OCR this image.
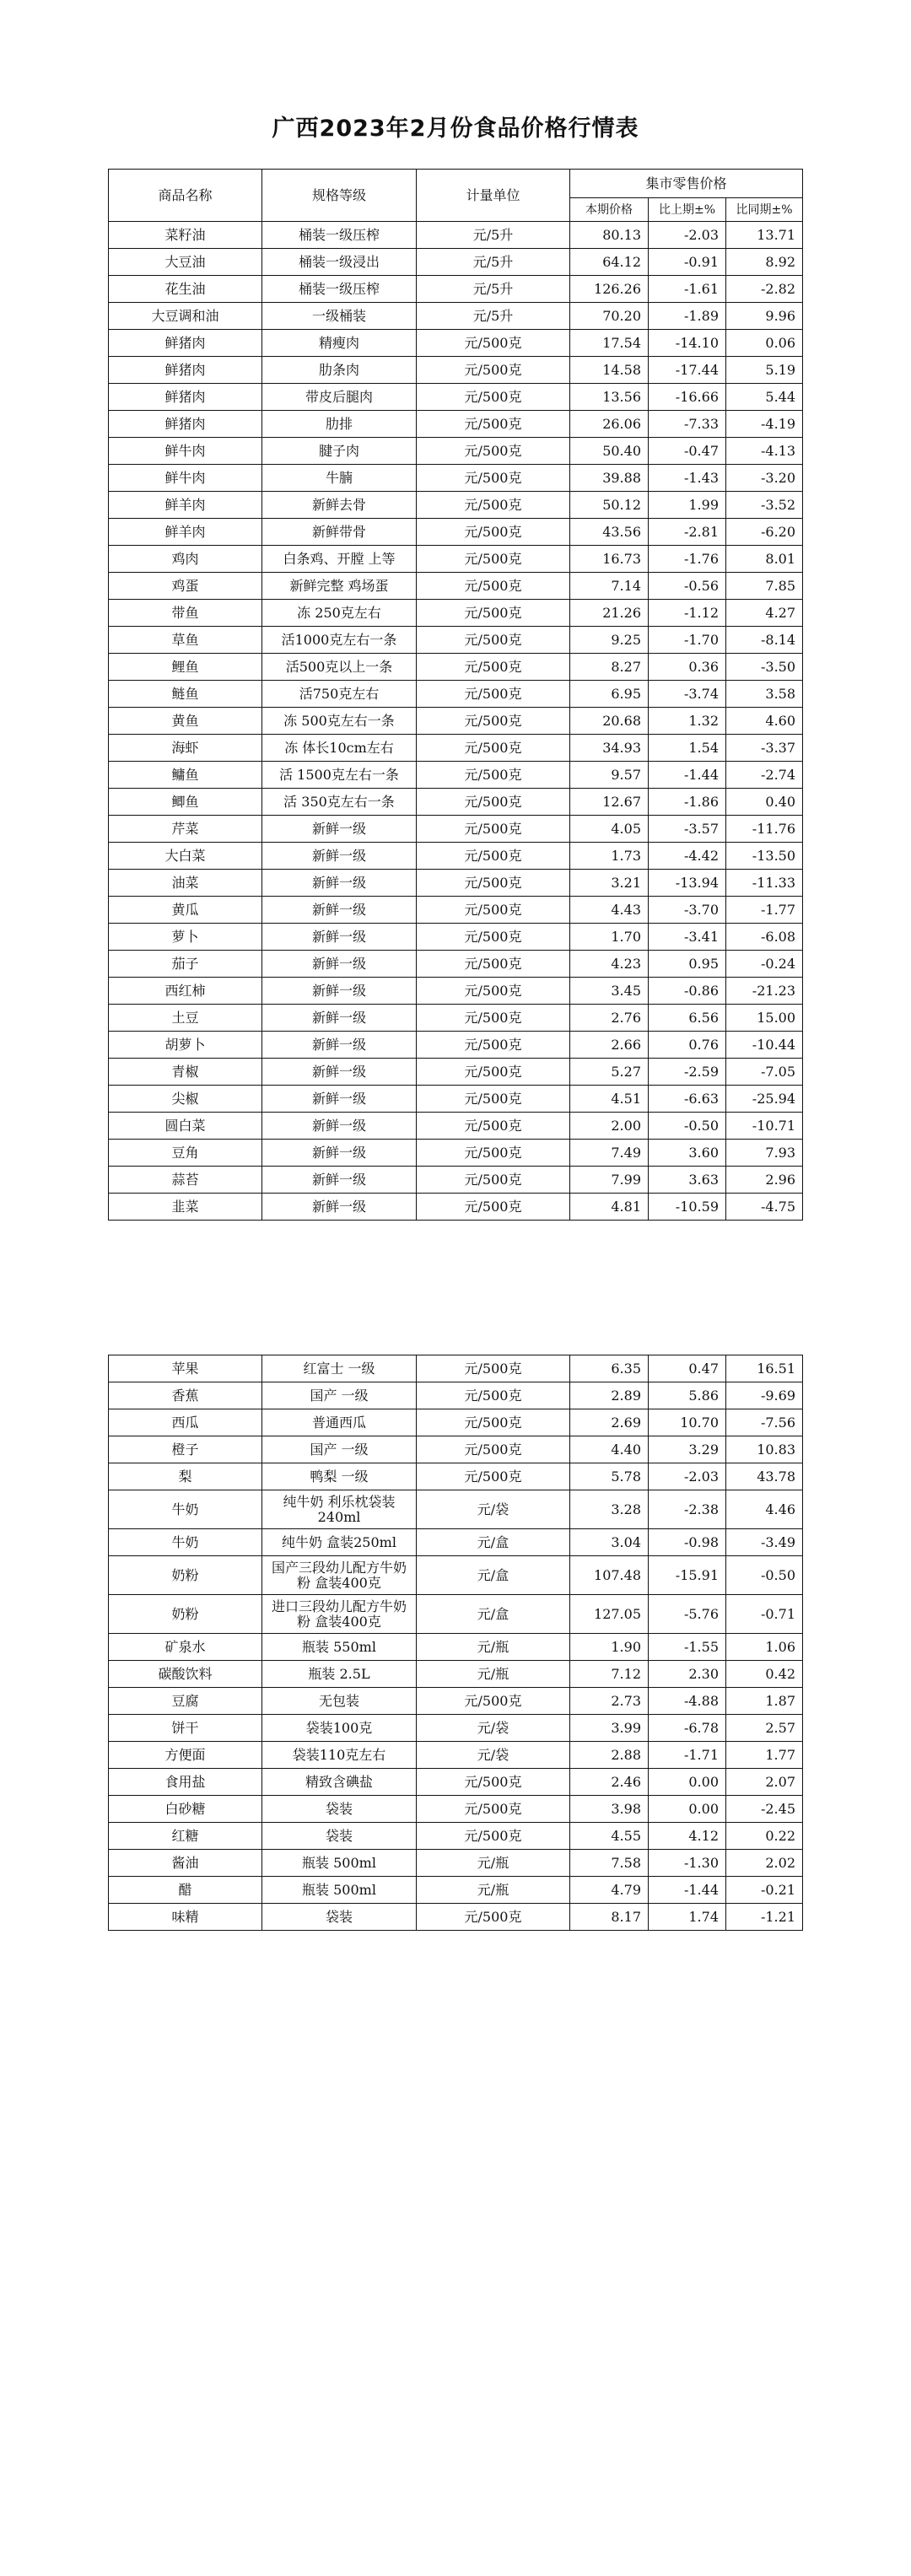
广西2023年2月份食品价格行情表
商品名称	规格等级	计量单位	集市零售价格		
			本期价格	比上期±%	比同期±%
菜籽油	桶装一级压榨	元/5升	80.13	-2.03	13.71
大豆油	桶装一级浸出	元/5升	64.12	-0.91	8.92
花生油	桶装一级压榨	元/5升	126.26	-1.61	-2.82
大豆调和油	一级桶装	元/5升	70.20	-1.89	9.96
鲜猪肉	精瘦肉	元/500克	17.54	-14.10	0.06
鲜猪肉	肋条肉	元/500克	14.58	-17.44	5.19
鲜猪肉	带皮后腿肉	元/500克	13.56	-16.66	5.44
鲜猪肉	肋排	元/500克	26.06	-7.33	-4.19
鲜牛肉	腱子肉	元/500克	50.40	-0.47	-4.13
鲜牛肉	牛腩	元/500克	39.88	-1.43	-3.20
鲜羊肉	新鲜去骨	元/500克	50.12	1.99	-3.52
鲜羊肉	新鲜带骨	元/500克	43.56	-2.81	-6.20
鸡肉	白条鸡、开膛 上等	元/500克	16.73	-1.76	8.01
鸡蛋	新鲜完整 鸡场蛋	元/500克	7.14	-0.56	7.85
带鱼	冻 250克左右	元/500克	21.26	-1.12	4.27
草鱼	活1000克左右一条	元/500克	9.25	-1.70	-8.14
鲤鱼	活500克以上一条	元/500克	8.27	0.36	-3.50
鲢鱼	活750克左右	元/500克	6.95	-3.74	3.58
黄鱼	冻 500克左右一条	元/500克	20.68	1.32	4.60
海虾	冻 体长10cm左右	元/500克	34.93	1.54	-3.37
鳙鱼	活 1500克左右一条	元/500克	9.57	-1.44	-2.74
鲫鱼	活 350克左右一条	元/500克	12.67	-1.86	0.40
芹菜	新鲜一级	元/500克	4.05	-3.57	-11.76
大白菜	新鲜一级	元/500克	1.73	-4.42	-13.50
油菜	新鲜一级	元/500克	3.21	-13.94	-11.33
黄瓜	新鲜一级	元/500克	4.43	-3.70	-1.77
萝卜	新鲜一级	元/500克	1.70	-3.41	-6.08
茄子	新鲜一级	元/500克	4.23	0.95	-0.24
西红柿	新鲜一级	元/500克	3.45	-0.86	-21.23
土豆	新鲜一级	元/500克	2.76	6.56	15.00
胡萝卜	新鲜一级	元/500克	2.66	0.76	-10.44
青椒	新鲜一级	元/500克	5.27	-2.59	-7.05
尖椒	新鲜一级	元/500克	4.51	-6.63	-25.94
圆白菜	新鲜一级	元/500克	2.00	-0.50	-10.71
豆角	新鲜一级	元/500克	7.49	3.60	7.93
蒜苔	新鲜一级	元/500克	7.99	3.63	2.96
韭菜	新鲜一级	元/500克	4.81	-10.59	-4.75
苹果	红富士 一级	元/500克	6.35	0.47	16.51
香蕉	国产 一级	元/500克	2.89	5.86	-9.69
西瓜	普通西瓜	元/500克	2.69	10.70	-7.56
橙子	国产 一级	元/500克	4.40	3.29	10.83
梨	鸭梨 一级	元/500克	5.78	-2.03	43.78
牛奶	纯牛奶 利乐枕袋装240ml	元/袋	3.28	-2.38	4.46
牛奶	纯牛奶 盒装250ml	元/盒	3.04	-0.98	-3.49
奶粉	国产三段幼儿配方牛奶粉 盒装400克	元/盒	107.48	-15.91	-0.50
奶粉	进口三段幼儿配方牛奶粉 盒装400克	元/盒	127.05	-5.76	-0.71
矿泉水	瓶装 550ml	元/瓶	1.90	-1.55	1.06
碳酸饮料	瓶装 2.5L	元/瓶	7.12	2.30	0.42
豆腐	无包装	元/500克	2.73	-4.88	1.87
饼干	袋装100克	元/袋	3.99	-6.78	2.57
方便面	袋装110克左右	元/袋	2.88	-1.71	1.77
食用盐	精致含碘盐	元/500克	2.46	0.00	2.07
白砂糖	袋装	元/500克	3.98	0.00	-2.45
红糖	袋装	元/500克	4.55	4.12	0.22
酱油	瓶装 500ml	元/瓶	7.58	-1.30	2.02
醋	瓶装 500ml	元/瓶	4.79	-1.44	-0.21
味精	袋装	元/500克	8.17	1.74	-1.21
